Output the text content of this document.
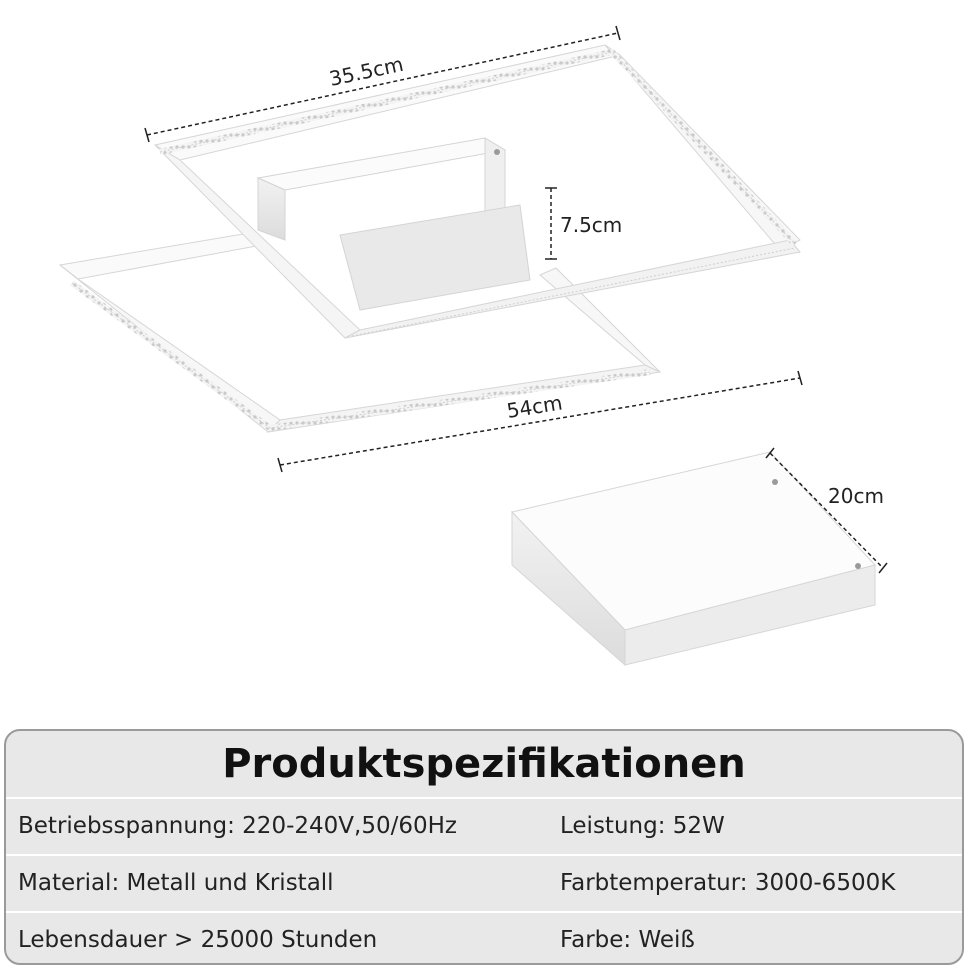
35.5cm
7.5cm
54cm
20cm
Produktspezifikationen
Betriebsspannung: 220-240V,50/60Hz	Leistung: 52W
Material: Metall und Kristall	Farbtemperatur: 3000-6500K
Lebensdauer > 25000 Stunden	Farbe: Weiß
